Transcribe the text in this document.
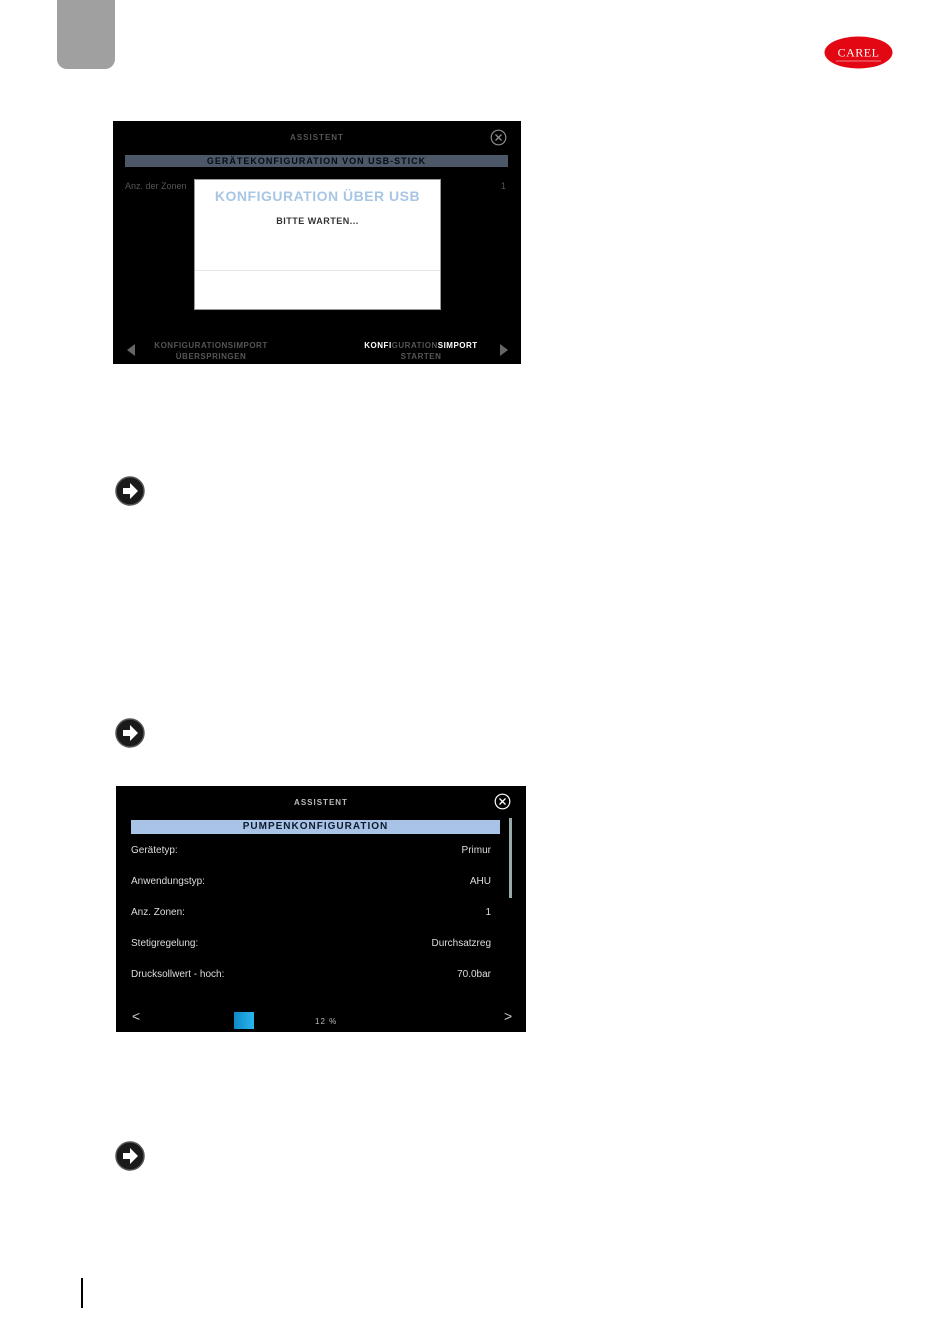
CAREL
ASSISTENT
GERÄTEKONFIGURATION VON USB-STICK
Anz. der Zonen	1
KONFIGURATION ÜBER USB
BITTE WARTEN...
KONFIGURATIONSIMPORT
ÜBERSPRINGEN
KONFIGURATIONSIMPORT
STARTEN
ASSISTENT
PUMPENKONFIGURATION
Gerätetyp:	Primur
Anwendungstyp:	AHU
Anz. Zonen:	1
Stetigregelung:	Durchsatzreg
Drucksollwert - hoch:	70.0bar
<	12 %	>
